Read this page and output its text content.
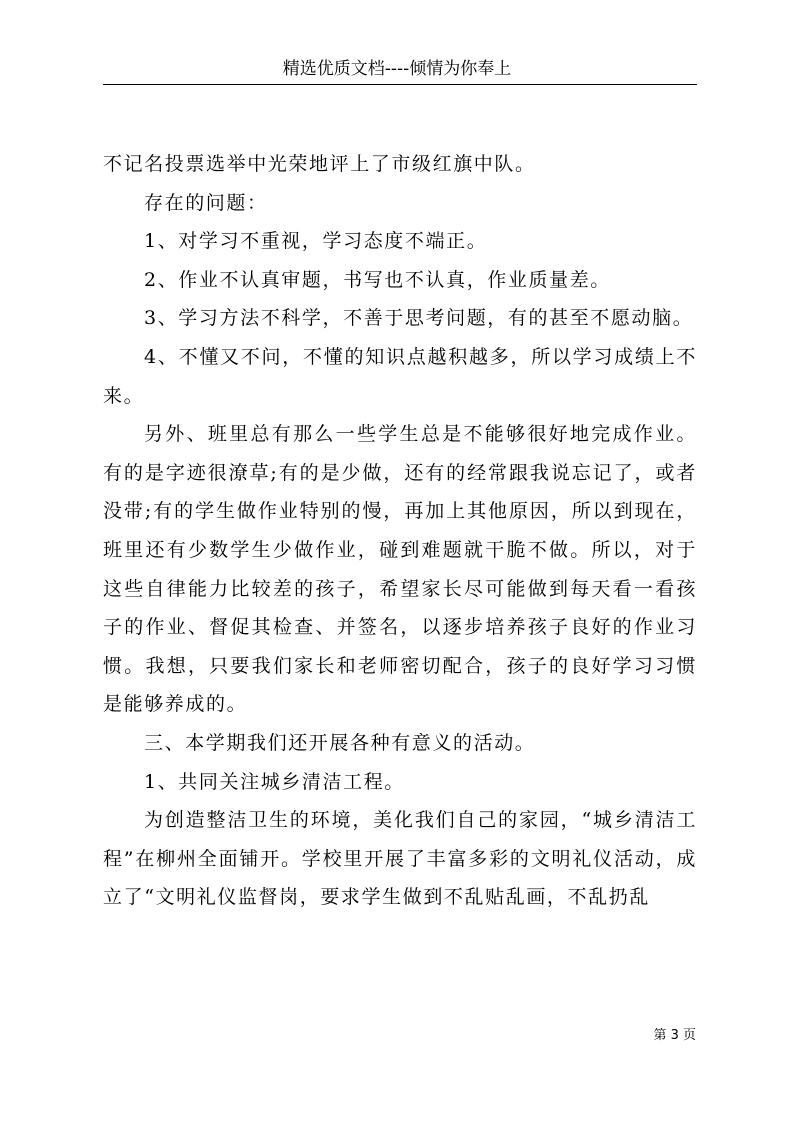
精选优质文档----倾情为你奉上

不记名投票选举中光荣地评上了市级红旗中队。

存在的问题：

1、对学习不重视，学习态度不端正。

2、作业不认真审题，书写也不认真，作业质量差。

3、学习方法不科学，不善于思考问题，有的甚至不愿动脑。

4、不懂又不问，不懂的知识点越积越多，所以学习成绩上不来。

另外、班里总有那么一些学生总是不能够很好地完成作业。有的是字迹很潦草;有的是少做，还有的经常跟我说忘记了，或者没带;有的学生做作业特别的慢，再加上其他原因，所以到现在，班里还有少数学生少做作业，碰到难题就干脆不做。所以，对于这些自律能力比较差的孩子，希望家长尽可能做到每天看一看孩子的作业、督促其检查、并签名，以逐步培养孩子良好的作业习惯。我想，只要我们家长和老师密切配合，孩子的良好学习习惯是能够养成的。

三、本学期我们还开展各种有意义的活动。

1、共同关注城乡清洁工程。

为创造整洁卫生的环境，美化我们自己的家园，“城乡清洁工程”在柳州全面铺开。学校里开展了丰富多彩的文明礼仪活动，成立了“文明礼仪监督岗，要求学生做到不乱贴乱画，不乱扔乱

第 3 页
